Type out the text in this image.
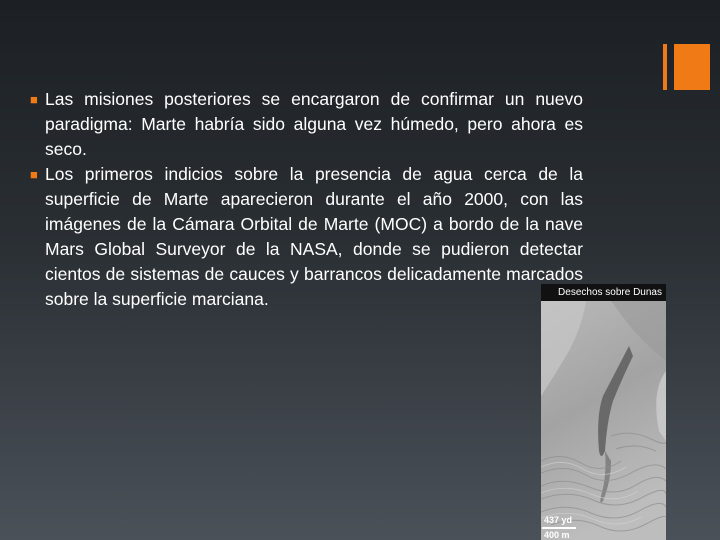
■ Las misiones posteriores se encargaron de confirmar un nuevo paradigma: Marte habría sido alguna vez húmedo, pero ahora es seco.
■ Los primeros indicios sobre la presencia de agua cerca de la superficie de Marte aparecieron durante el año 2000, con las imágenes de la Cámara Orbital de Marte (MOC) a bordo de la nave Mars Global Surveyor de la NASA, donde se pudieron detectar cientos de sistemas de cauces y barrancos delicadamente marcados sobre la superficie marciana.	Desechos sobre Dunas
437 yd
400 m
